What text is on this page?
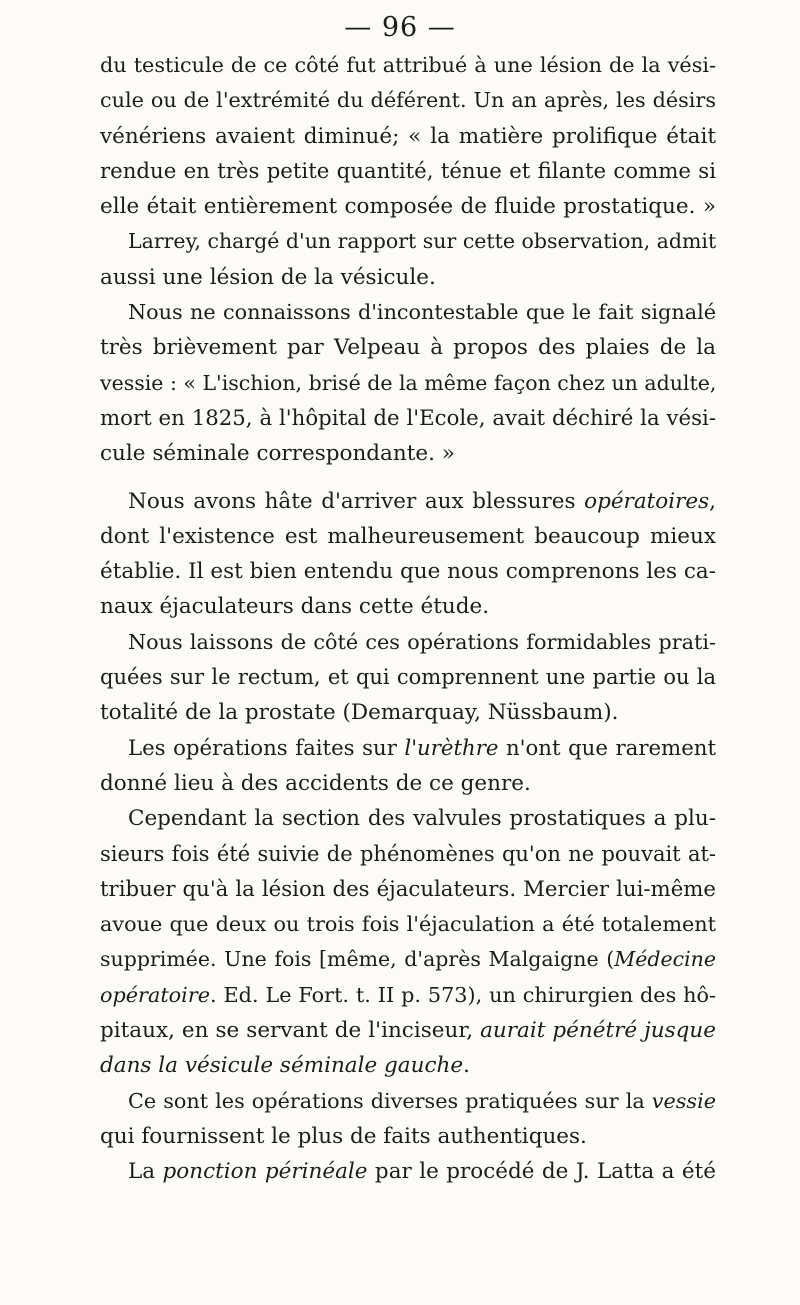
— 96 —
du testicule de ce côté fut attribué à une lésion de la vési-
cule ou de l'extrémité du déférent. Un an après, les désirs
vénériens avaient diminué; « la matière prolifique était
rendue en très petite quantité, ténue et filante comme si
elle était entièrement composée de fluide prostatique. »
Larrey, chargé d'un rapport sur cette observation, admit
aussi une lésion de la vésicule.
Nous ne connaissons d'incontestable que le fait signalé
très brièvement par Velpeau à propos des plaies de la
vessie : « L'ischion, brisé de la même façon chez un adulte,
mort en 1825, à l'hôpital de l'Ecole, avait déchiré la vési-
cule séminale correspondante. »
Nous avons hâte d'arriver aux blessures opératoires,
dont l'existence est malheureusement beaucoup mieux
établie. Il est bien entendu que nous comprenons les ca-
naux éjaculateurs dans cette étude.
Nous laissons de côté ces opérations formidables prati-
quées sur le rectum, et qui comprennent une partie ou la
totalité de la prostate (Demarquay, Nüssbaum).
Les opérations faites sur l'urèthre n'ont que rarement
donné lieu à des accidents de ce genre.
Cependant la section des valvules prostatiques a plu-
sieurs fois été suivie de phénomènes qu'on ne pouvait at-
tribuer qu'à la lésion des éjaculateurs. Mercier lui-même
avoue que deux ou trois fois l'éjaculation a été totalement
supprimée. Une fois [même, d'après Malgaigne (Médecine
opératoire. Ed. Le Fort. t. II p. 573), un chirurgien des hô-
pitaux, en se servant de l'inciseur, aurait pénétré jusque
dans la vésicule séminale gauche.
Ce sont les opérations diverses pratiquées sur la vessie
qui fournissent le plus de faits authentiques.
La ponction périnéale par le procédé de J. Latta a été
